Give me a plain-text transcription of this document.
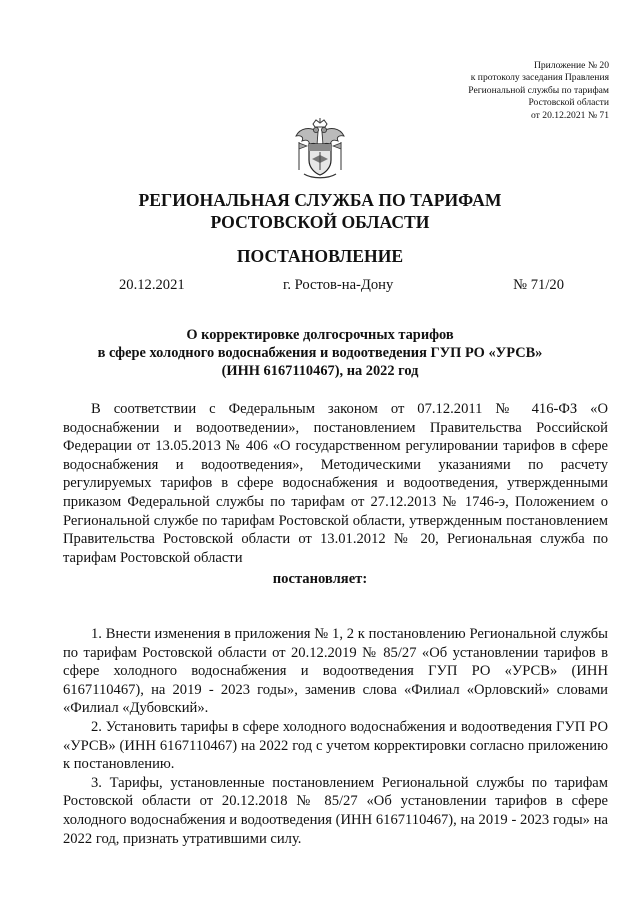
Приложение № 20
к протоколу заседания Правления
Региональной службы по тарифам
Ростовской области
от 20.12.2021 № 71
РЕГИОНАЛЬНАЯ СЛУЖБА ПО ТАРИФАМ
РОСТОВСКОЙ ОБЛАСТИ
ПОСТАНОВЛЕНИЕ
20.12.2021	г. Ростов-на-Дону	№ 71/20
О корректировке долгосрочных тарифов
в сфере холодного водоснабжения и водоотведения ГУП РО «УРСВ»
(ИНН 6167110467), на 2022 год

В соответствии с Федеральным законом от 07.12.2011 № 416-ФЗ «О водоснабжении и водоотведении», постановлением Правительства Российской Федерации от 13.05.2013 № 406 «О государственном регулировании тарифов в сфере водоснабжения и водоотведения», Методическими указаниями по расчету регулируемых тарифов в сфере водоснабжения и водоотведения, утвержденными приказом Федеральной службы по тарифам от 27.12.2013 № 1746-э, Положением о Региональной службе по тарифам Ростовской области, утвержденным постановлением Правительства Ростовской области от 13.01.2012 № 20, Региональная служба по тарифам Ростовской области

постановляет:

1. Внести изменения в приложения № 1, 2 к постановлению Региональной службы по тарифам Ростовской области от 20.12.2019 № 85/27 «Об установлении тарифов в сфере холодного водоснабжения и водоотведения ГУП РО «УРСВ» (ИНН 6167110467), на 2019 - 2023 годы», заменив слова «Филиал «Орловский» словами «Филиал «Дубовский».

2. Установить тарифы в сфере холодного водоснабжения и водоотведения ГУП РО «УРСВ» (ИНН 6167110467) на 2022 год с учетом корректировки согласно приложению к постановлению.

3. Тарифы, установленные постановлением Региональной службы по тарифам Ростовской области от 20.12.2018 № 85/27 «Об установлении тарифов в сфере холодного водоснабжения и водоотведения (ИНН 6167110467), на 2019 - 2023 годы» на 2022 год, признать утратившими силу.
